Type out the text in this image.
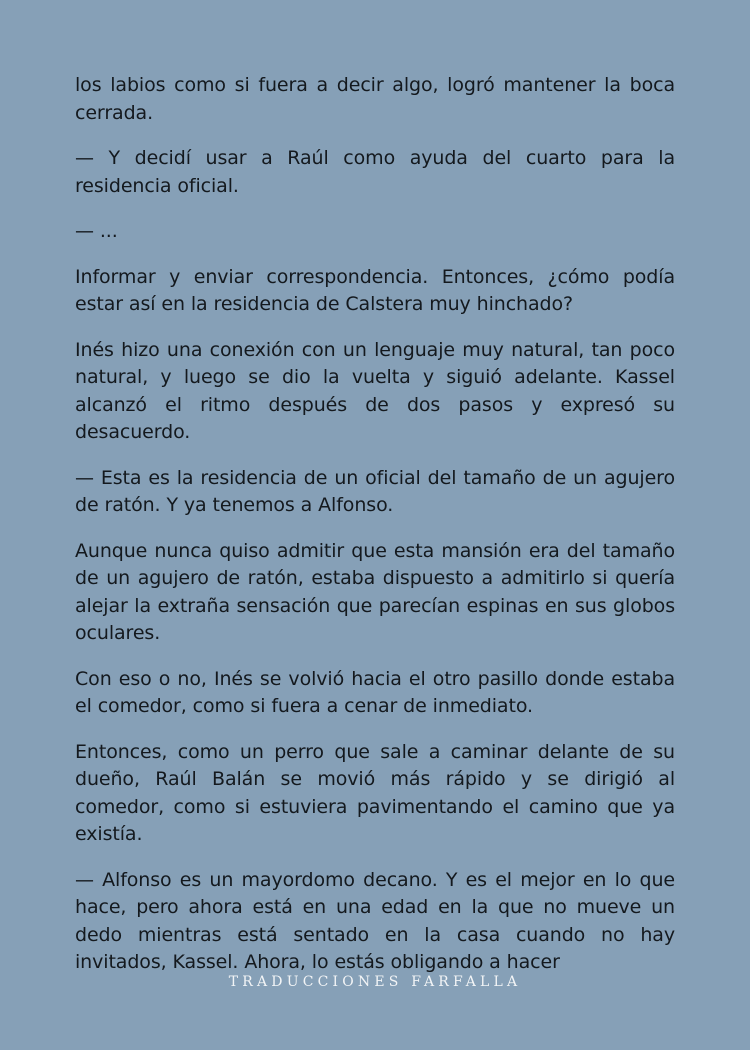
los labios como si fuera a decir algo, logró mantener la boca cerrada.

— Y decidí usar a Raúl como ayuda del cuarto para la residencia oficial.

— ...

Informar y enviar correspondencia. Entonces, ¿cómo podía estar así en la residencia de Calstera muy hinchado?

Inés hizo una conexión con un lenguaje muy natural, tan poco natural, y luego se dio la vuelta y siguió adelante. Kassel alcanzó el ritmo después de dos pasos y expresó su desacuerdo.

— Esta es la residencia de un oficial del tamaño de un agujero de ratón. Y ya tenemos a Alfonso.

Aunque nunca quiso admitir que esta mansión era del tamaño de un agujero de ratón, estaba dispuesto a admitirlo si quería alejar la extraña sensación que parecían espinas en sus globos oculares.

Con eso o no, Inés se volvió hacia el otro pasillo donde estaba el comedor, como si fuera a cenar de inmediato.

Entonces, como un perro que sale a caminar delante de su dueño, Raúl Balán se movió más rápido y se dirigió al comedor, como si estuviera pavimentando el camino que ya existía.

— Alfonso es un mayordomo decano. Y es el mejor en lo que hace, pero ahora está en una edad en la que no mueve un dedo mientras está sentado en la casa cuando no hay invitados, Kassel. Ahora, lo estás obligando a hacer

TRADUCCIONES FARFALLA
